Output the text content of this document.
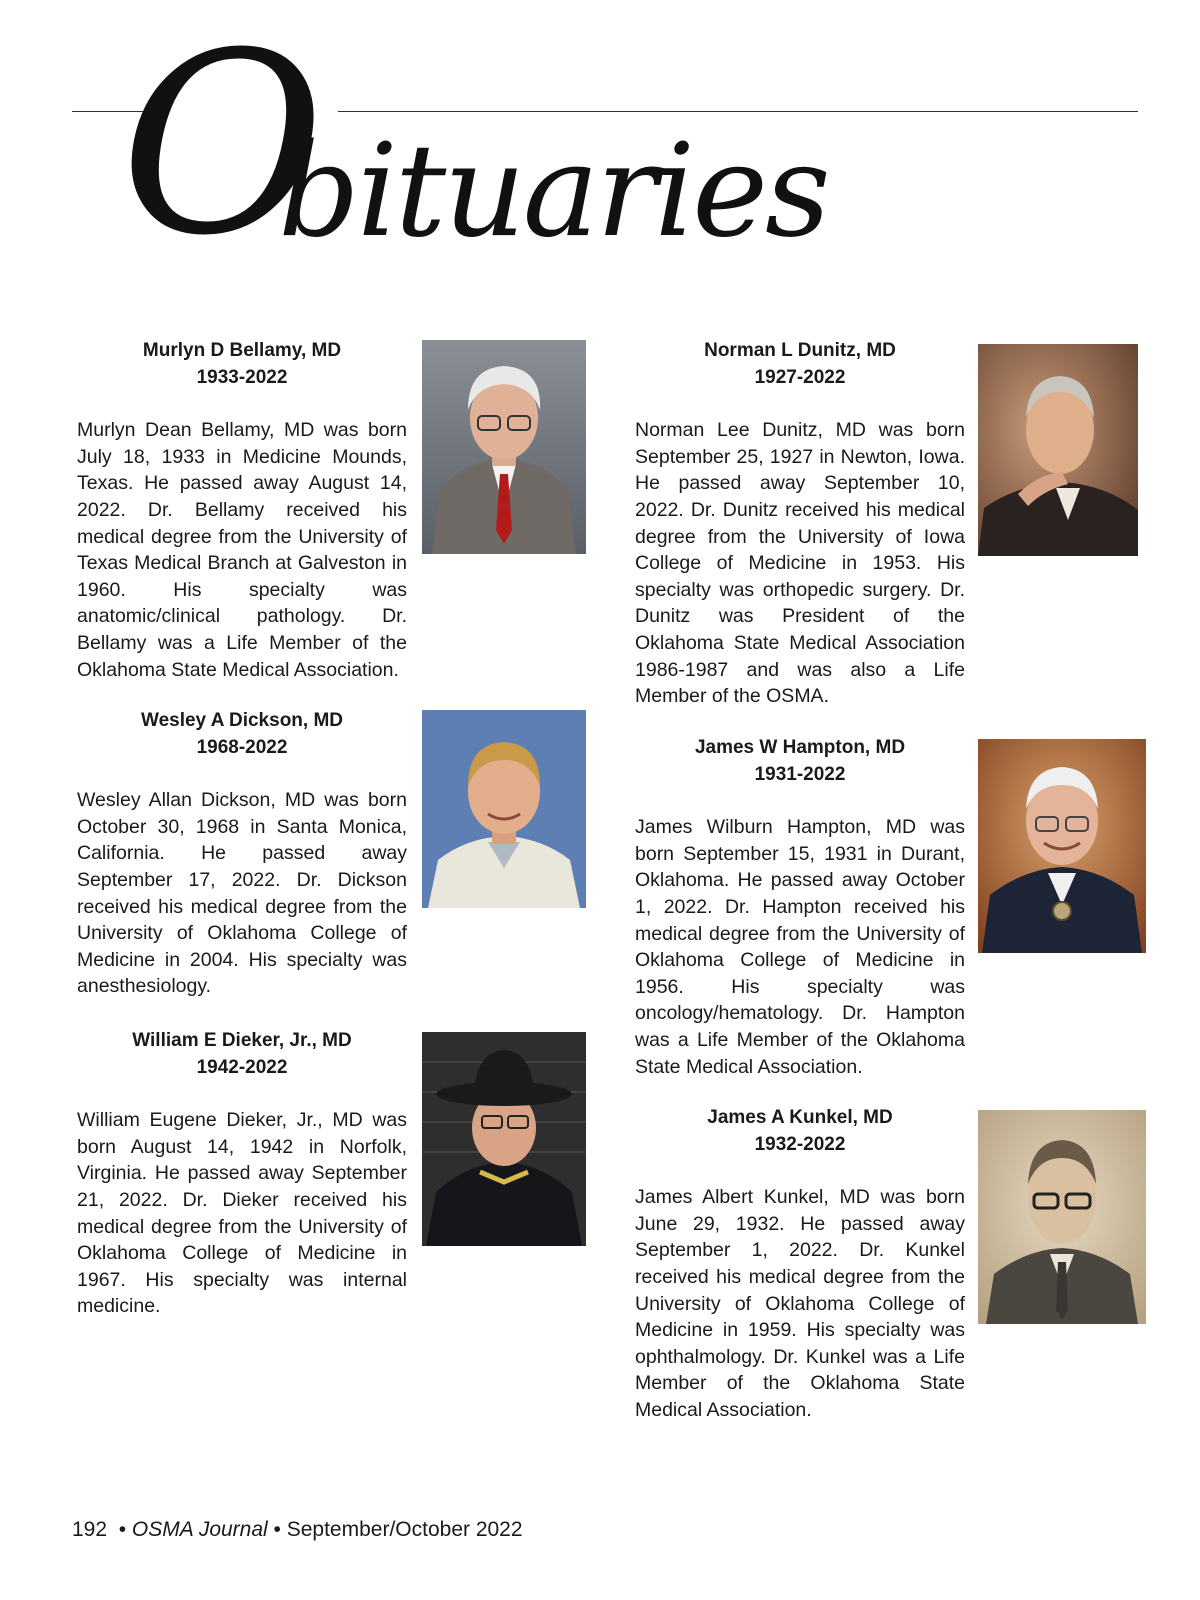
O
bituaries
Murlyn D Bellamy, MD
1933-2022
Murlyn Dean Bellamy, MD was born July 18, 1933 in Medicine Mounds, Texas. He passed away August 14, 2022. Dr. Bellamy received his medical degree from the University of Texas Medical Branch at Galveston in 1960. His specialty was anatomic/clinical pathology. Dr. Bellamy was a Life Member of the Oklahoma State Medical Association.
Wesley A Dickson, MD
1968-2022
Wesley Allan Dickson, MD was born October 30, 1968 in Santa Monica, California. He passed away September 17, 2022. Dr. Dickson received his medical degree from the University of Oklahoma College of Medicine in 2004. His specialty was anesthesiology.
William E Dieker, Jr., MD
1942-2022
William Eugene Dieker, Jr., MD was born August 14, 1942 in Norfolk, Virginia. He passed away September 21, 2022. Dr. Dieker received his medical degree from the University of Oklahoma College of Medicine in 1967. His specialty was internal medicine.
Norman L Dunitz, MD
1927-2022
Norman Lee Dunitz, MD was born September 25, 1927 in Newton, Iowa. He passed away September 10, 2022. Dr. Dunitz received his medical degree from the University of Iowa College of Medicine in 1953. His specialty was orthopedic surgery. Dr. Dunitz was President of the Oklahoma State Medical Association 1986-1987 and was also a Life Member of the OSMA.
James W Hampton, MD
1931-2022
James Wilburn Hampton, MD was born September 15, 1931 in Durant, Oklahoma. He passed away October 1, 2022. Dr. Hampton received his medical degree from the University of Oklahoma College of Medicine in 1956. His specialty was oncology/hematology. Dr. Hampton was a Life Member of the Oklahoma State Medical Association.
James A Kunkel, MD
1932-2022
James Albert Kunkel, MD was born June 29, 1932. He passed away September 1, 2022. Dr. Kunkel received his medical degree from the University of Oklahoma College of Medicine in 1959. His specialty was ophthalmology. Dr. Kunkel was a Life Member of the Oklahoma State Medical Association.
192  • OSMA Journal • September/October 2022
